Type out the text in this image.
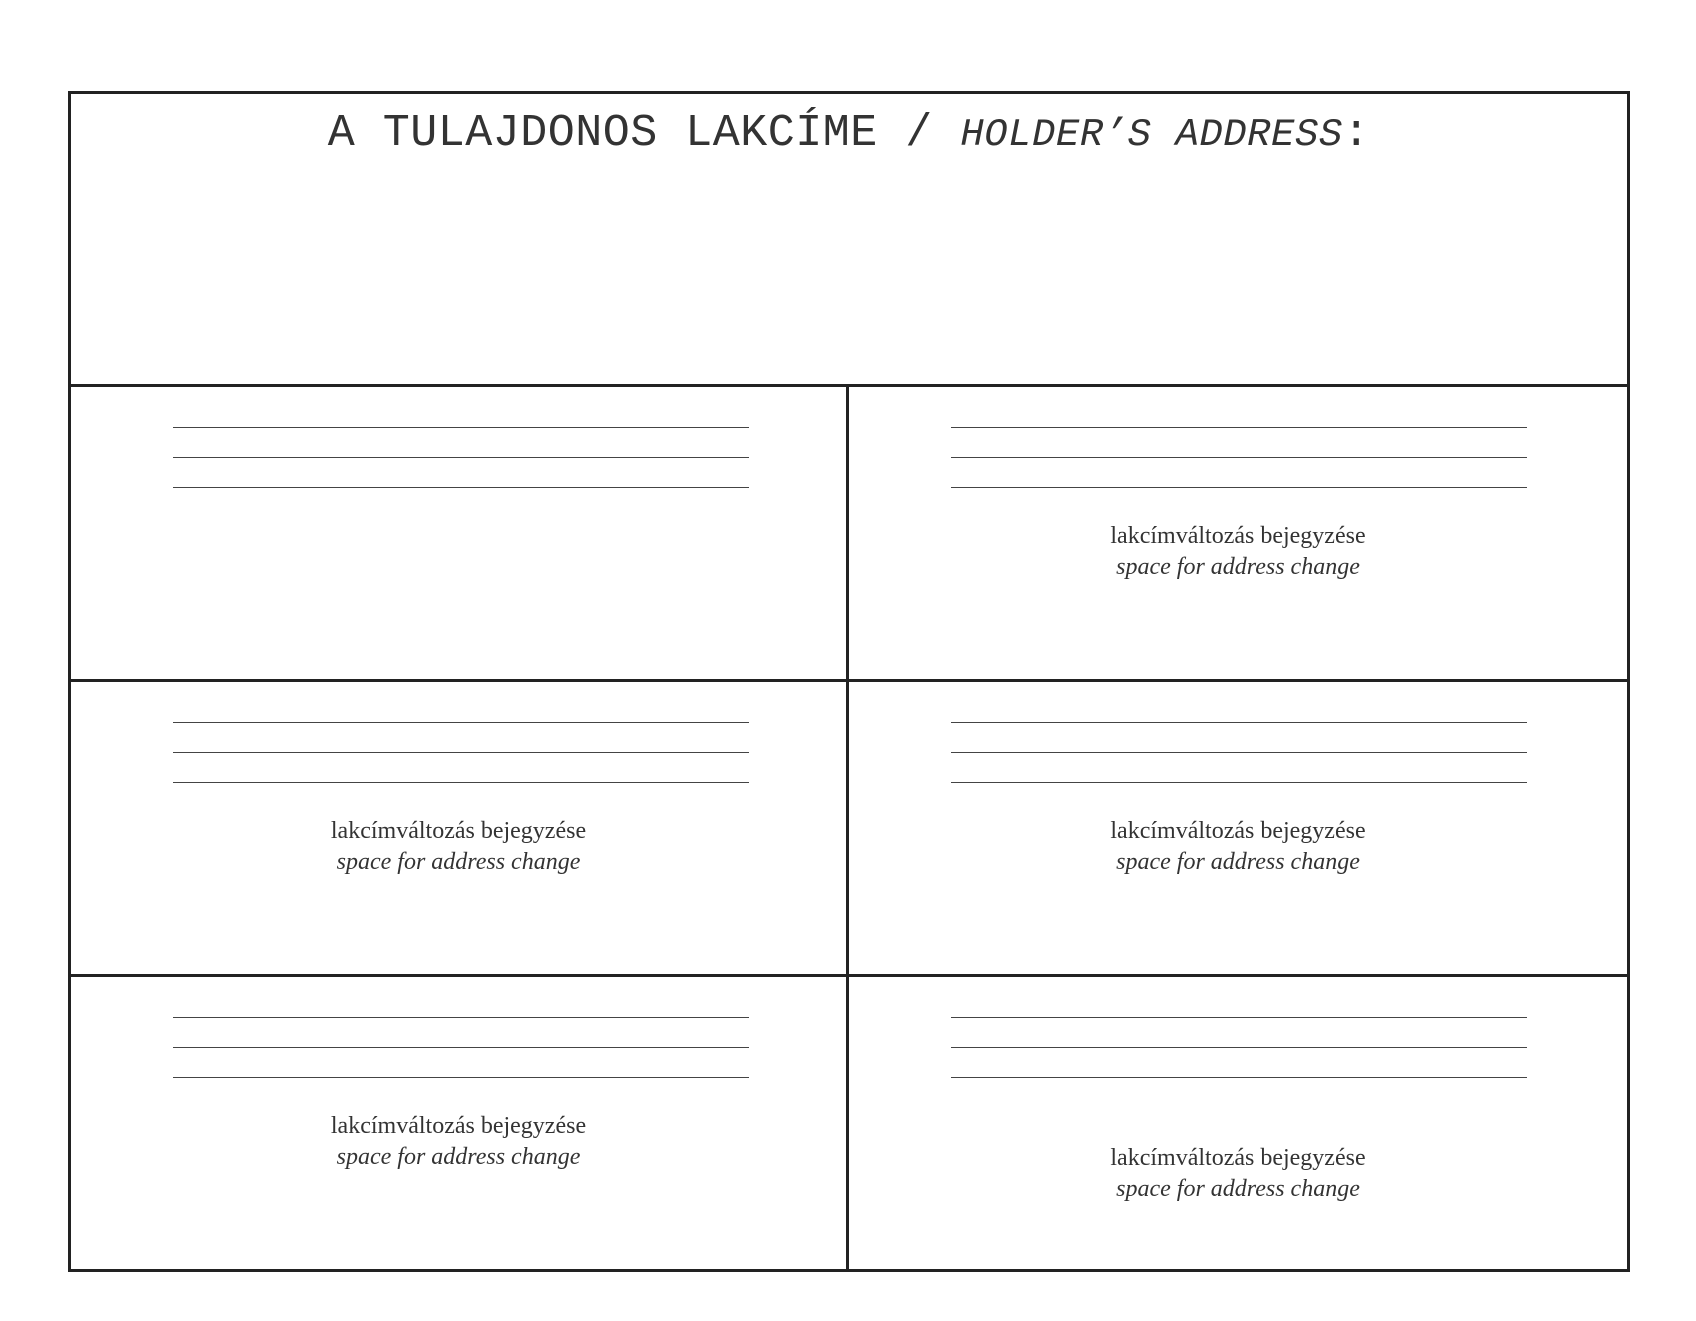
A TULAJDONOS LAKCÍME / HOLDER’S ADDRESS:
lakcímváltozás bejegyzése
space for address change
lakcímváltozás bejegyzése
space for address change
lakcímváltozás bejegyzése
space for address change
lakcímváltozás bejegyzése
space for address change	lakcímváltozás bejegyzése
space for address change
